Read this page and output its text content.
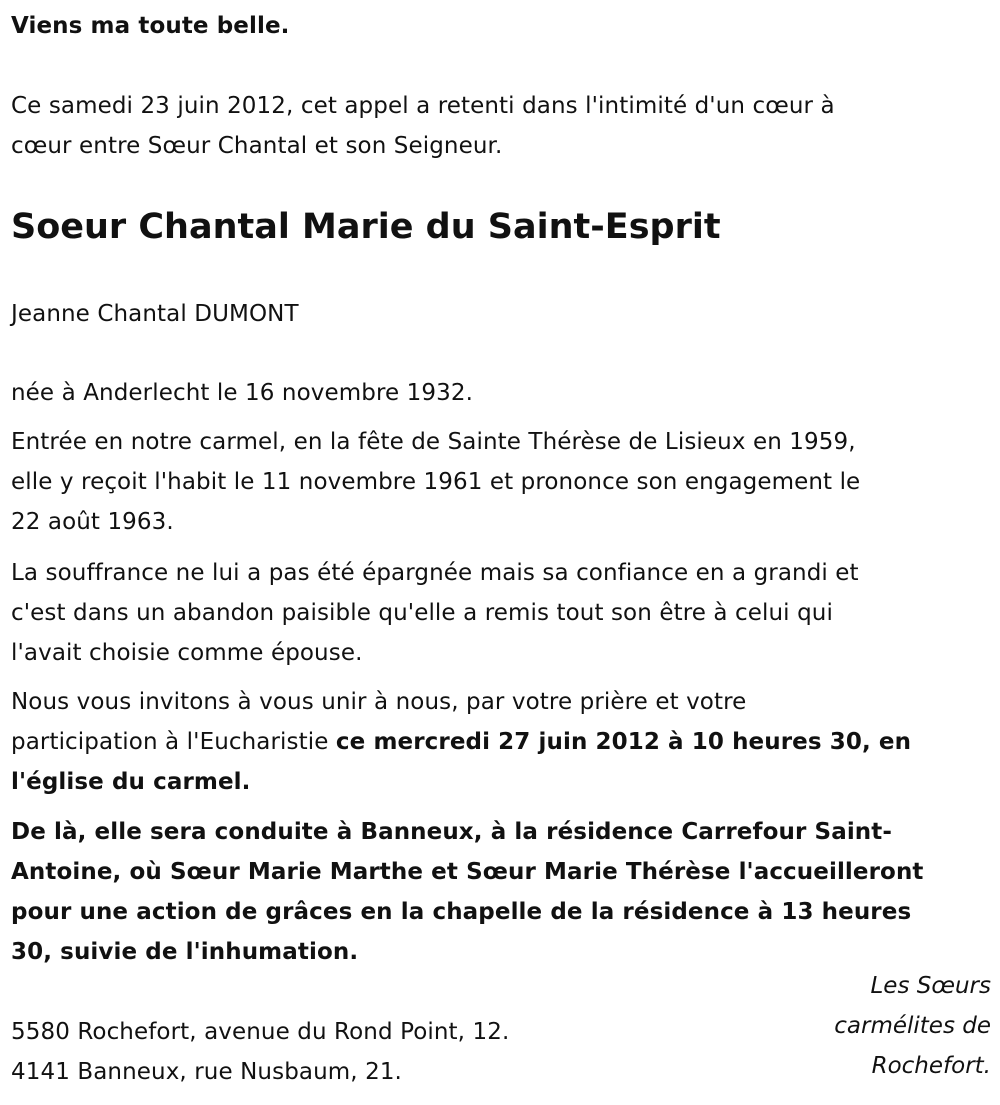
Viens ma toute belle.
Ce samedi 23 juin 2012, cet appel a retenti dans l'intimité d'un cœur à
cœur entre Sœur Chantal et son Seigneur.
Soeur Chantal Marie du Saint-Esprit
Jeanne Chantal DUMONT
née à Anderlecht le 16 novembre 1932.
Entrée en notre carmel, en la fête de Sainte Thérèse de Lisieux en 1959,
elle y reçoit l'habit le 11 novembre 1961 et prononce son engagement le
22 août 1963.
La souffrance ne lui a pas été épargnée mais sa confiance en a grandi et
c'est dans un abandon paisible qu'elle a remis tout son être à celui qui
l'avait choisie comme épouse.
Nous vous invitons à vous unir à nous, par votre prière et votre
participation à l'Eucharistie ce mercredi 27 juin 2012 à 10 heures 30, en
l'église du carmel.
De là, elle sera conduite à Banneux, à la résidence Carrefour Saint-
Antoine, où Sœur Marie Marthe et Sœur Marie Thérèse l'accueilleront
pour une action de grâces en la chapelle de la résidence à 13 heures
30, suivie de l'inhumation.
Les Sœurs
carmélites de
Rochefort.
5580 Rochefort, avenue du Rond Point, 12.
4141 Banneux, rue Nusbaum, 21.
